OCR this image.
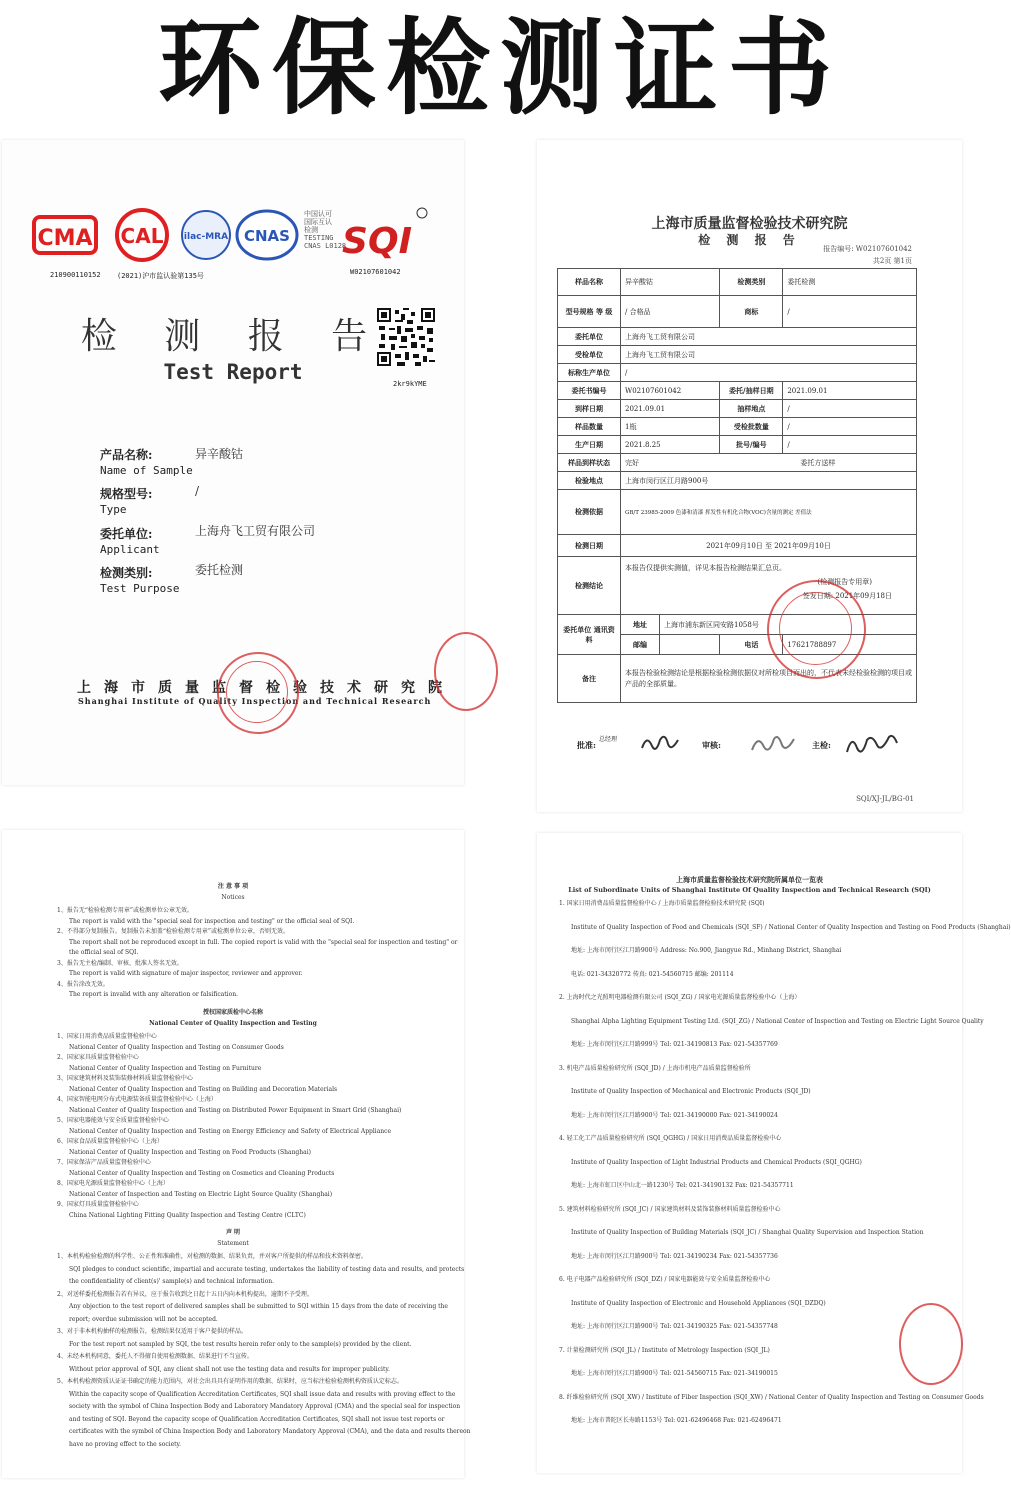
环保检测证书
CMA CAL ilac-MRA CNAS SQI
中国认可
国际互认
检测
TESTING
CNAS L0128
210900110152 (2021)沪市监认验第135号	W02107601042
2kr9kYME
检 测 报 告
Test Report
产品名称:
Name of Sample
异辛酸钴
规格型号:
Type
/
委托单位:
Applicant
上海舟飞工贸有限公司
检测类别:
Test Purpose
委托检测
上海市质量监督检验技术研究院
Shanghai Institute of Quality Inspection and Technical Research
上海市质量监督检验技术研究院
检 测 报 告
报告编号: W02107601042
共2页 第1页
样品名称	异辛酸钴		检测类别	委托检测
型号规格 等 级	/ 合格品		商标	/
委托单位	上海舟飞工贸有限公司			
受检单位	上海舟飞工贸有限公司			
标称生产单位	/			
委托书编号	W02107601042		委托/抽样日期	2021.09.01
到样日期	2021.09.01		抽样地点	/
样品数量	1瓶		受检批数量	/
生产日期	2021.8.25		批号/编号	/
样品到样状态	完好		委托方送样	
检验地点	上海市闵行区江月路900号			
检测依据	GB/T 23985-2009 色漆和清漆 挥发性有机化合物(VOC)含量的测定 差值法			
检测日期	2021年09月10日 至 2021年09月10日			
检测结论	本报告仅提供实测值，详见本报告检测结果汇总页。
(检测报告专用章)
签发日期: 2021年09月18日			

委托单位 通讯资料	地址	上海市浦东新区同安路1058号		
	邮编		电话	17621788897
备注	本报告检验检测结论是根据检验检测依据仪对所检项目而出的，不代表未经检验检测的项目或产品的全部质量。			
批准:
总经理
审核:	主检:
SQI/XJ-JL/BG-01
注 意 事 项
Notices
1、报告无“检验检测专用章”或检测单位公章无效。
The report is valid with the "special seal for inspection and testing" or the official seal of SQI.
2、不得部分复制报告。复制报告未加盖“检验检测专用章”或检测单位公章，否则无效。
The report shall not be reproduced except in full. The copied report is valid with the "special seal for inspection and testing" or
the official seal of SQI.
3、报告无主检/编制、审核、批准人签名无效。
The report is valid with signature of major inspector, reviewer and approver.
4、报告涂改无效。
The report is invalid with any alteration or falsification.
授权国家质检中心名称
National Center of Quality Inspection and Testing
1、国家日用消费品质量监督检验中心
National Center of Quality Inspection and Testing on Consumer Goods
2、国家家具质量监督检验中心
National Center of Quality Inspection and Testing on Furniture
3、国家建筑材料及装饰装修材料质量监督检验中心
National Center of Quality Inspection and Testing on Building and Decoration Materials
4、国家智能电网分布式电源装备质量监督检验中心（上海）
National Center of Quality Inspection and Testing on Distributed Power Equipment in Smart Grid (Shanghai)
5、国家电器能效与安全质量监督检验中心
National Center of Quality Inspection and Testing on Energy Efficiency and Safety of Electrical Appliance
6、国家食品质量监督检验中心（上海）
National Center of Quality Inspection and Testing on Food Products (Shanghai)
7、国家保洁产品质量监督检验中心
National Center of Quality Inspection and Testing on Cosmetics and Cleaning Products
8、国家电光源质量监督检验中心（上海）
National Center of Inspection and Testing on Electric Light Source Quality (Shanghai)
9、国家灯具质量监督检验中心
China National Lighting Fitting Quality Inspection and Testing Centre (CLTC)
声 明
Statement
1、本机构检验检测的科学性、公正性和准确性，对检测的数据、结果负责，并对客户所提供的样品和技术资料保密。
SQI pledges to conduct scientific, impartial and accurate testing, undertakes the liability of testing data and results, and protects
the confidentiality of client(s)' sample(s) and technical information.
2、对送样委托检测报告若有异议，应于报告收到之日起十五日内向本机构提出，逾期不予受理。
Any objection to the test report of delivered samples shall be submitted to SQI within 15 days from the date of receiving the
report; overdue submission will not be accepted.
3、对于非本机构抽样的检测报告，检测结果仅适用于客户提供的样品。
For the test report not sampled by SQI, the test results herein refer only to the sample(s) provided by the client.
4、未经本机构同意，委托人不得擅自使用检测数据、结果进行不当宣传。
Without prior approval of SQI, any client shall not use the testing data and results for improper publicity.
5、本机构检测资质认证证书确定的能力范围内，对社会出具具有证明作用的数据、结果时，应当标注检验检测机构资质认定标志。
Within the capacity scope of Qualification Accreditation Certificates, SQI shall issue data and results with proving effect to the
society with the symbol of China Inspection Body and Laboratory Mandatory Approval (CMA) and the special seal for inspection
and testing of SQI. Beyond the capacity scope of Qualification Accreditation Certificates, SQI shall not issue test reports or
certificates with the symbol of China Inspection Body and Laboratory Mandatory Approval (CMA), and the data and results thereon
have no proving effect to the society.
上海市质量监督检验技术研究院所属单位一览表
List of Subordinate Units of Shanghai Institute Of Quality Inspection and Technical Research (SQI)
1. 国家日用消费品质量监督检验中心 / 上海市质量监督检验技术研究院 (SQI)
Institute of Quality Inspection of Food and Chemicals (SQI_SF) / National Center of Quality Inspection and Testing on Food Products (Shanghai)
地址: 上海市闵行区江月路900号 Address: No.900, Jiangyue Rd., Minhang District, Shanghai
电话: 021-34320772 传真: 021-54560715 邮编: 201114
2. 上海时代之光照明电器检测有限公司 (SQI_ZG) / 国家电光源质量监督检验中心（上海）
Shanghai Alpha Lighting Equipment Testing Ltd. (SQI_ZG) / National Center of Inspection and Testing on Electric Light Source Quality
地址: 上海市闵行区江月路999号 Tel: 021-34190813 Fax: 021-54357769
3. 机电产品质量检验研究所 (SQI_JD) / 上海市机电产品质量监督检验所
Institute of Quality Inspection of Mechanical and Electronic Products (SQI_JD)
地址: 上海市闵行区江月路900号 Tel: 021-34190000 Fax: 021-34190024
4. 轻工化工产品质量检验研究所 (SQI_QGHG) / 国家日用消费品质量监督检验中心
Institute of Quality Inspection of Light Industrial Products and Chemical Products (SQI_QGHG)
地址: 上海市虹口区中山北一路1230号 Tel: 021-34190132 Fax: 021-54357711
5. 建筑材料检验研究所 (SQI_JC) / 国家建筑材料及装饰装修材料质量监督检验中心
Institute of Quality Inspection of Building Materials (SQI_JC) / Shanghai Quality Supervision and Inspection Station
地址: 上海市闵行区江月路900号 Tel: 021-34190234 Fax: 021-54357736
6. 电子电器产品检验研究所 (SQI_DZ) / 国家电器能效与安全质量监督检验中心
Institute of Quality Inspection of Electronic and Household Appliances (SQI_DZDQ)
地址: 上海市闵行区江月路900号 Tel: 021-34190325 Fax: 021-54357748
7. 计量检测研究所 (SQI_JL) / Institute of Metrology Inspection (SQI_JL)
地址: 上海市闵行区江月路900号 Tel: 021-54560715 Fax: 021-34190015
8. 纤维检验研究所 (SQI_XW) / Institute of Fiber Inspection (SQI_XW) / National Center of Quality Inspection and Testing on Consumer Goods
地址: 上海市普陀区长寿路1153号 Tel: 021-62496468 Fax: 021-62496471
